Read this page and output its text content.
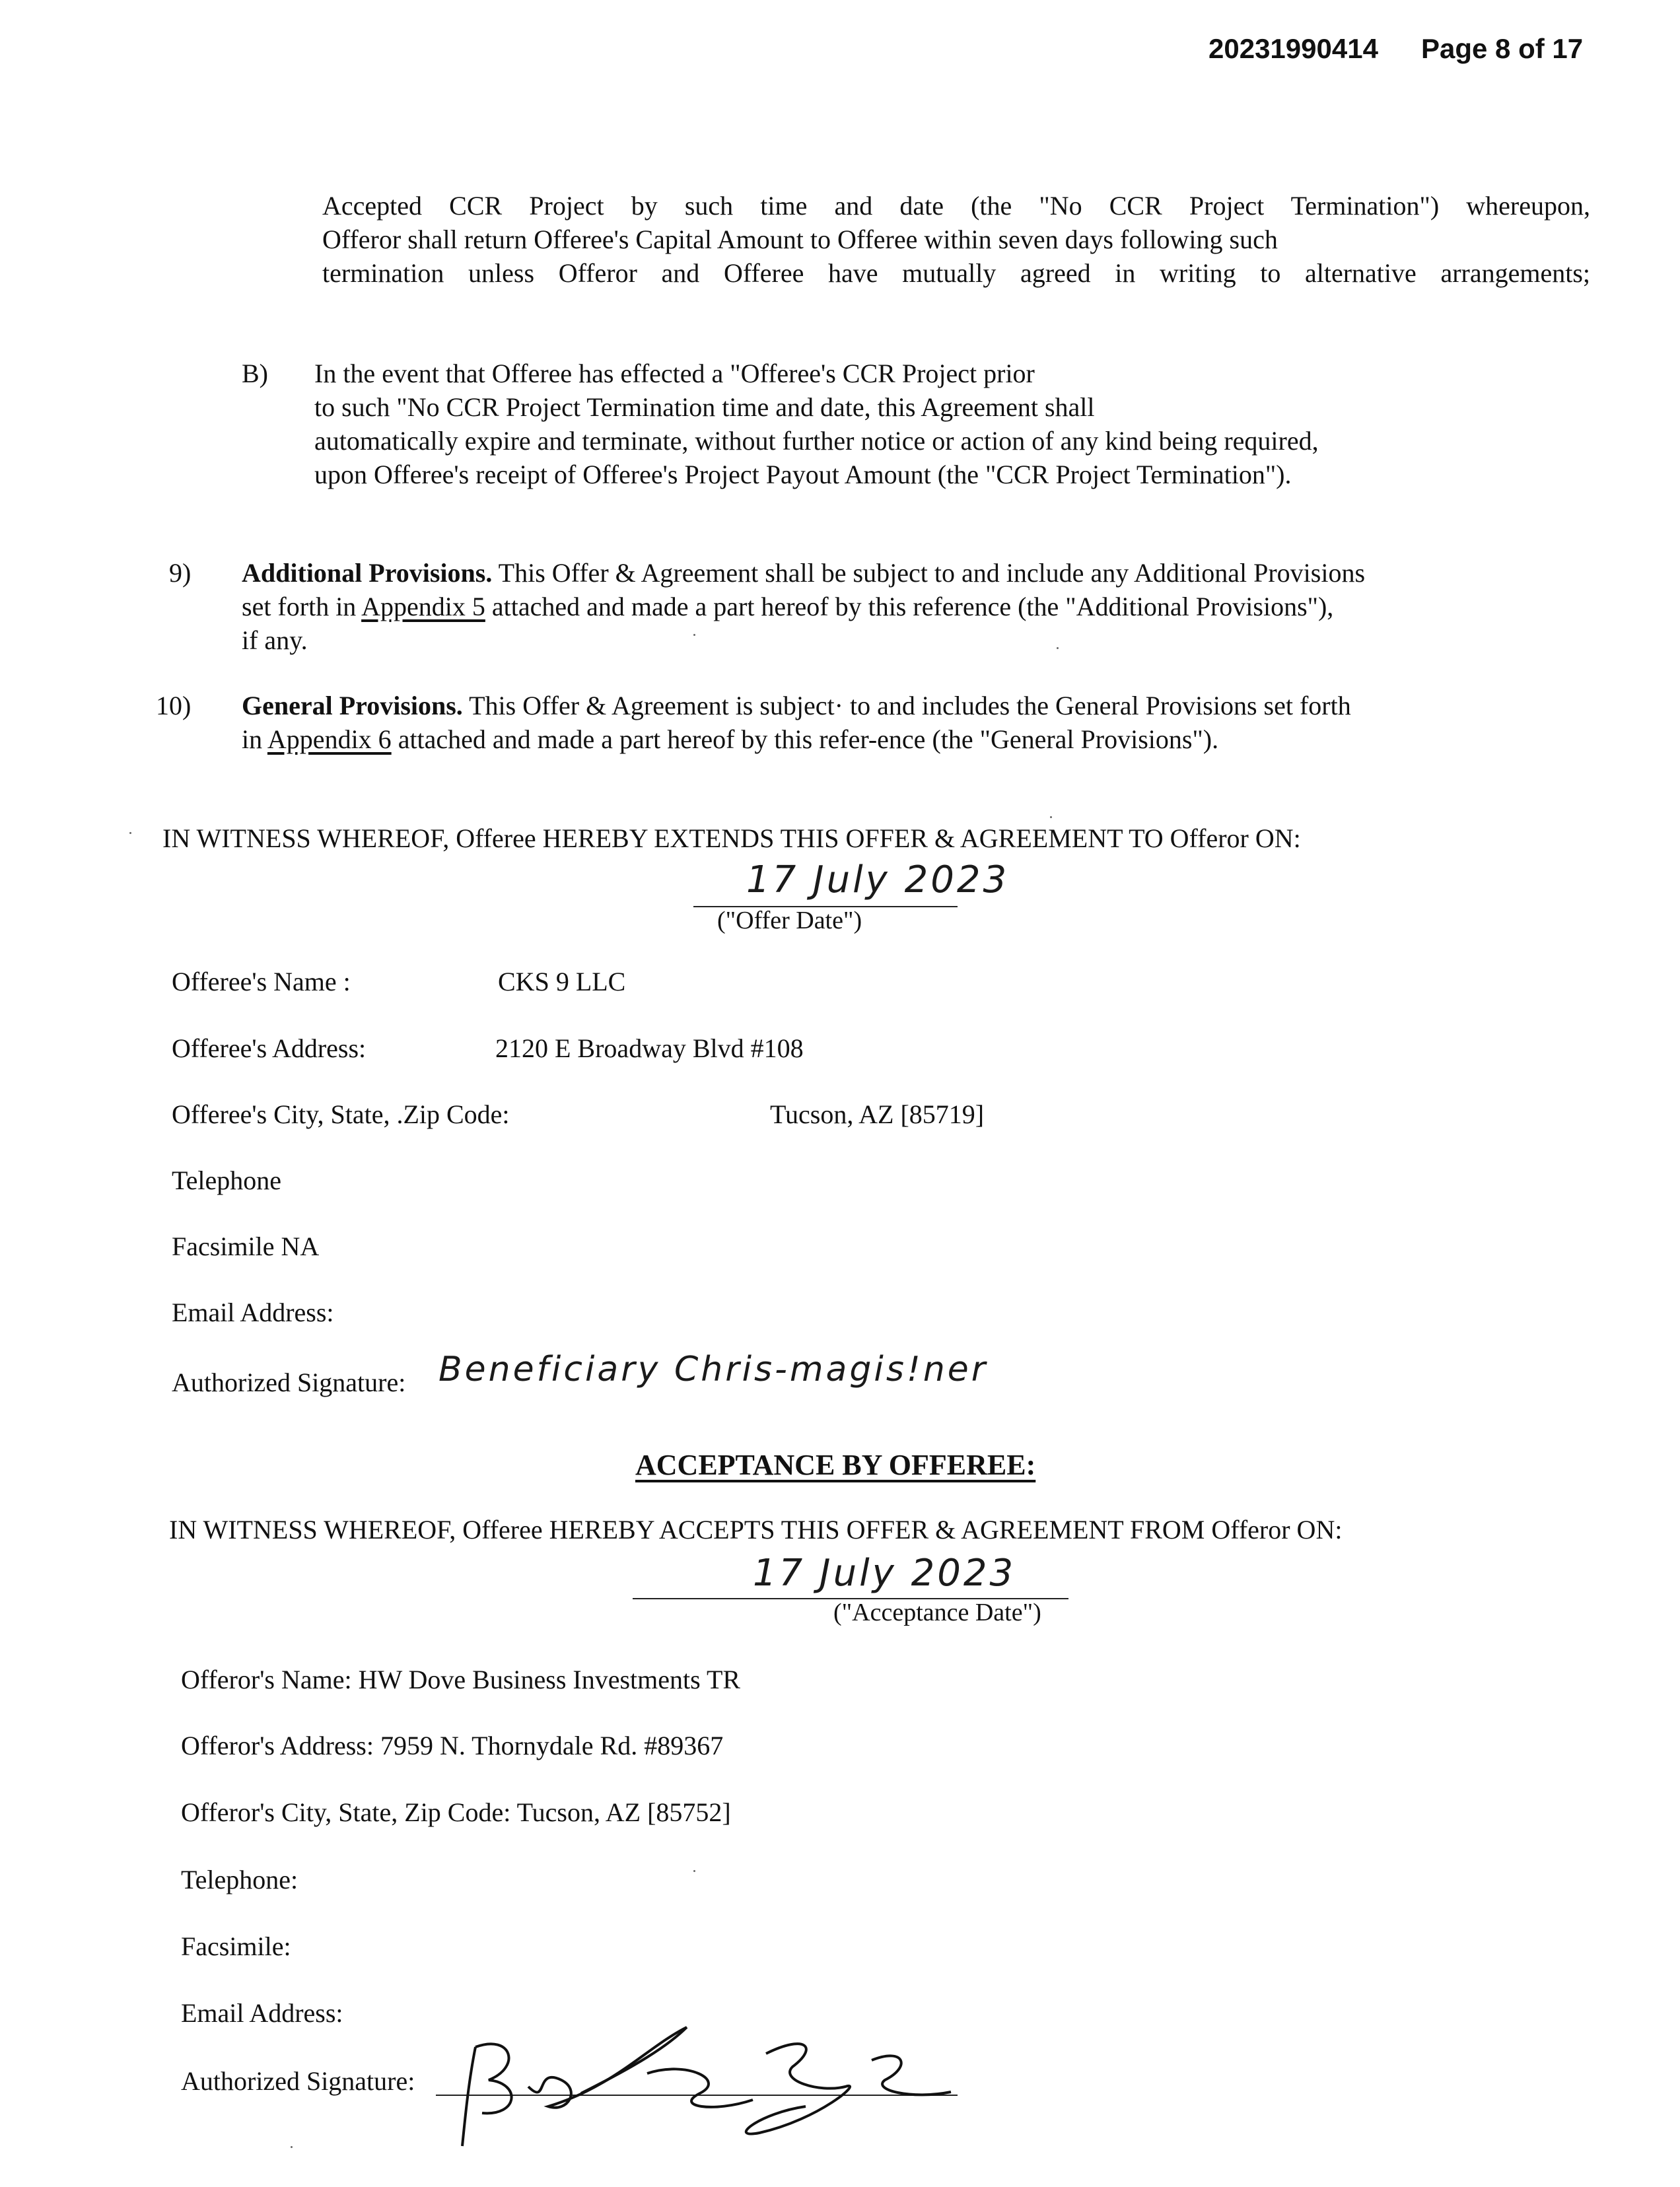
20231990414 Page 8 of 17
Accepted CCR Project by such time and date (the "No CCR Project Termination") whereupon,
Offeror shall return Offeree's Capital Amount to Offeree within seven days following such
termination unless Offeror and Offeree have mutually agreed in writing to alternative arrangements;
B) In the event that Offeree has effected a "Offeree's CCR Project prior
to such "No CCR Project Termination time and date, this Agreement shall
automatically expire and terminate, without further notice or action of any kind being required,
upon Offeree's receipt of Offeree's Project Payout Amount (the "CCR Project Termination").
9) Additional Provisions. This Offer & Agreement shall be subject to and include any Additional Provisions
set forth in Appendix 5 attached and made a part hereof by this reference (the "Additional Provisions"),
if any.
10) General Provisions. This Offer & Agreement is subject· to and includes the General Provisions set forth
in Appendix 6 attached and made a part hereof by this refer-ence (the "General Provisions").
IN WITNESS WHEREOF, Offeree HEREBY EXTENDS THIS OFFER & AGREEMENT TO Offeror ON:
17 July 2023
("Offer Date")
Offeree's Name :	CKS 9 LLC
Offeree's Address:	2120 E Broadway Blvd #108
Offeree's City, State, .Zip Code:	Tucson, AZ [85719]
Telephone
Facsimile NA
Email Address:
Authorized Signature: Beneficiary Chris-magis!ner
ACCEPTANCE BY OFFEREE:
IN WITNESS WHEREOF, Offeree HEREBY ACCEPTS THIS OFFER & AGREEMENT FROM Offeror ON:
17 July 2023
("Acceptance Date")
Offeror's Name: HW Dove Business Investments TR
Offeror's Address: 7959 N. Thornydale Rd. #89367
Offeror's City, State, Zip Code: Tucson, AZ [85752]
Telephone:
Facsimile:
Email Address:
Authorized Signature:
